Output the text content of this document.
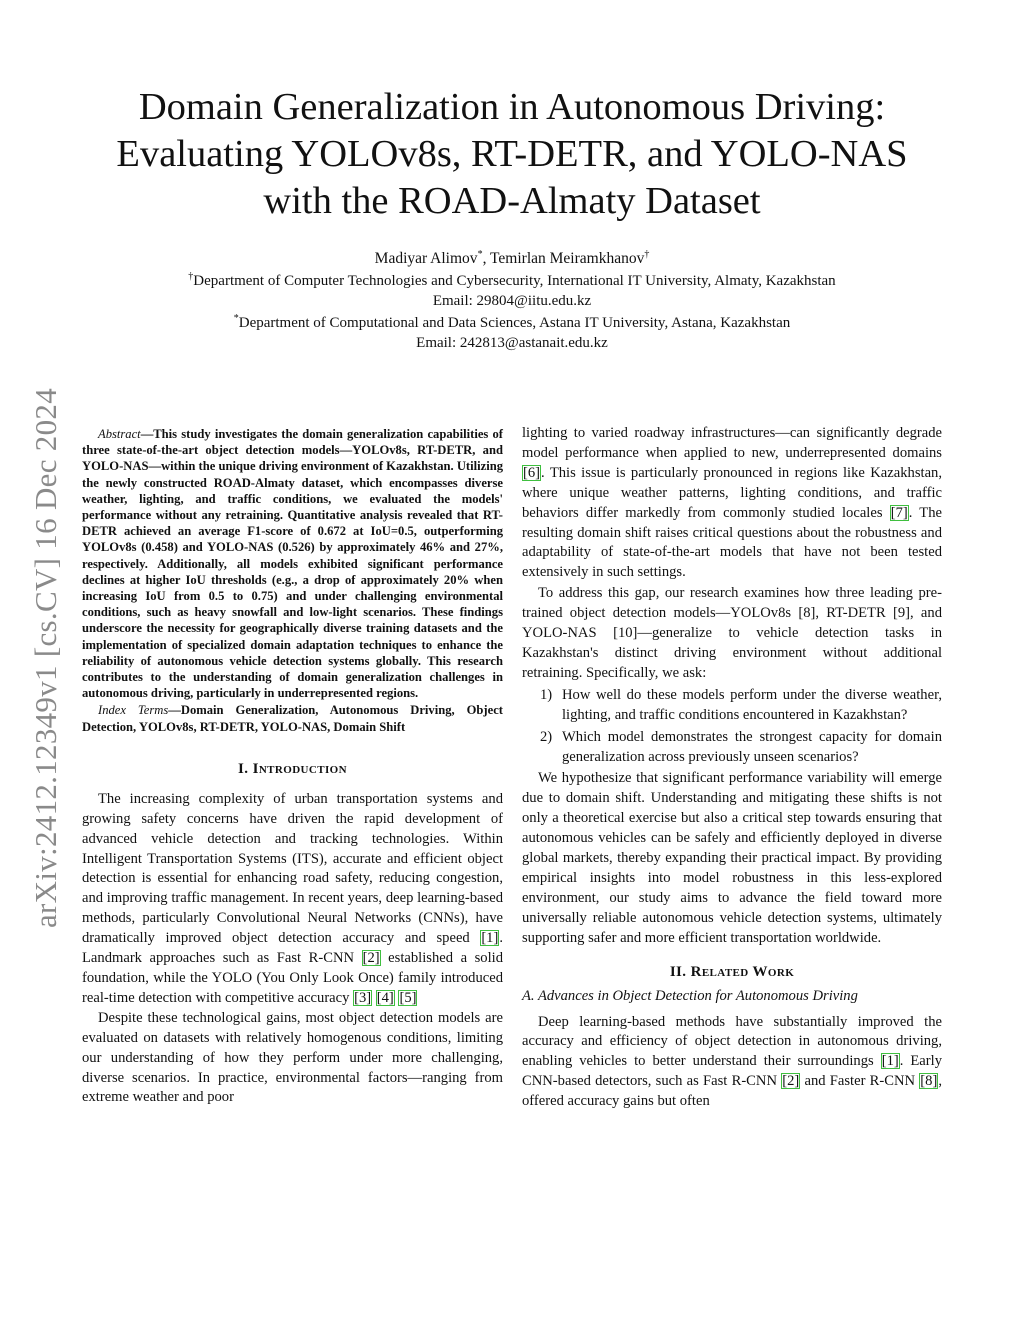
arXiv:2412.12349v1 [cs.CV] 16 Dec 2024
Domain Generalization in Autonomous Driving:
Evaluating YOLOv8s, RT-DETR, and YOLO-NAS
with the ROAD-Almaty Dataset
Madiyar Alimov*, Temirlan Meiramkhanov†
†Department of Computer Technologies and Cybersecurity, International IT University, Almaty, Kazakhstan
Email: 29804@iitu.edu.kz
*Department of Computational and Data Sciences, Astana IT University, Astana, Kazakhstan
Email: 242813@astanait.edu.kz

Abstract—This study investigates the domain generalization capabilities of three state-of-the-art object detection models—YOLOv8s, RT-DETR, and YOLO-NAS—within the unique driving environment of Kazakhstan. Utilizing the newly constructed ROAD-Almaty dataset, which encompasses diverse weather, lighting, and traffic conditions, we evaluated the models' performance without any retraining. Quantitative analysis revealed that RT-DETR achieved an average F1-score of 0.672 at IoU=0.5, outperforming YOLOv8s (0.458) and YOLO-NAS (0.526) by approximately 46% and 27%, respectively. Additionally, all models exhibited significant performance declines at higher IoU thresholds (e.g., a drop of approximately 20% when increasing IoU from 0.5 to 0.75) and under challenging environmental conditions, such as heavy snowfall and low-light scenarios. These findings underscore the necessity for geographically diverse training datasets and the implementation of specialized domain adaptation techniques to enhance the reliability of autonomous vehicle detection systems globally. This research contributes to the understanding of domain generalization challenges in autonomous driving, particularly in underrepresented regions.

Index Terms—Domain Generalization, Autonomous Driving, Object Detection, YOLOv8s, RT-DETR, YOLO-NAS, Domain Shift

I. Introduction

The increasing complexity of urban transportation systems and growing safety concerns have driven the rapid development of advanced vehicle detection and tracking technologies. Within Intelligent Transportation Systems (ITS), accurate and efficient object detection is essential for enhancing road safety, reducing congestion, and improving traffic management. In recent years, deep learning-based methods, particularly Convolutional Neural Networks (CNNs), have dramatically improved object detection accuracy and speed [1]. Landmark approaches such as Fast R-CNN [2] established a solid foundation, while the YOLO (You Only Look Once) family introduced real-time detection with competitive accuracy [3] [4] [5]

Despite these technological gains, most object detection models are evaluated on datasets with relatively homogenous conditions, limiting our understanding of how they perform under more challenging, diverse scenarios. In practice, environmental factors—ranging from extreme weather and poor

lighting to varied roadway infrastructures—can significantly degrade model performance when applied to new, underrepresented domains [6]. This issue is particularly pronounced in regions like Kazakhstan, where unique weather patterns, lighting conditions, and traffic behaviors differ markedly from commonly studied locales [7]. The resulting domain shift raises critical questions about the robustness and adaptability of state-of-the-art models that have not been tested extensively in such settings.

To address this gap, our research examines how three leading pre-trained object detection models—YOLOv8s [8], RT-DETR [9], and YOLO-NAS [10]—generalize to vehicle detection tasks in Kazakhstan's distinct driving environment without additional retraining. Specifically, we ask:

1) How well do these models perform under the diverse weather, lighting, and traffic conditions encountered in Kazakhstan?
2) Which model demonstrates the strongest capacity for domain generalization across previously unseen scenarios?

We hypothesize that significant performance variability will emerge due to domain shift. Understanding and mitigating these shifts is not only a theoretical exercise but also a critical step towards ensuring that autonomous vehicles can be safely and efficiently deployed in diverse global markets, thereby expanding their practical impact. By providing empirical insights into model robustness in this less-explored environment, our study aims to advance the field toward more universally reliable autonomous vehicle detection systems, ultimately supporting safer and more efficient transportation worldwide.

II. Related Work

A. Advances in Object Detection for Autonomous Driving

Deep learning-based methods have substantially improved the accuracy and efficiency of object detection in autonomous driving, enabling vehicles to better understand their surroundings [1]. Early CNN-based detectors, such as Fast R-CNN [2] and Faster R-CNN [8], offered accuracy gains but often
